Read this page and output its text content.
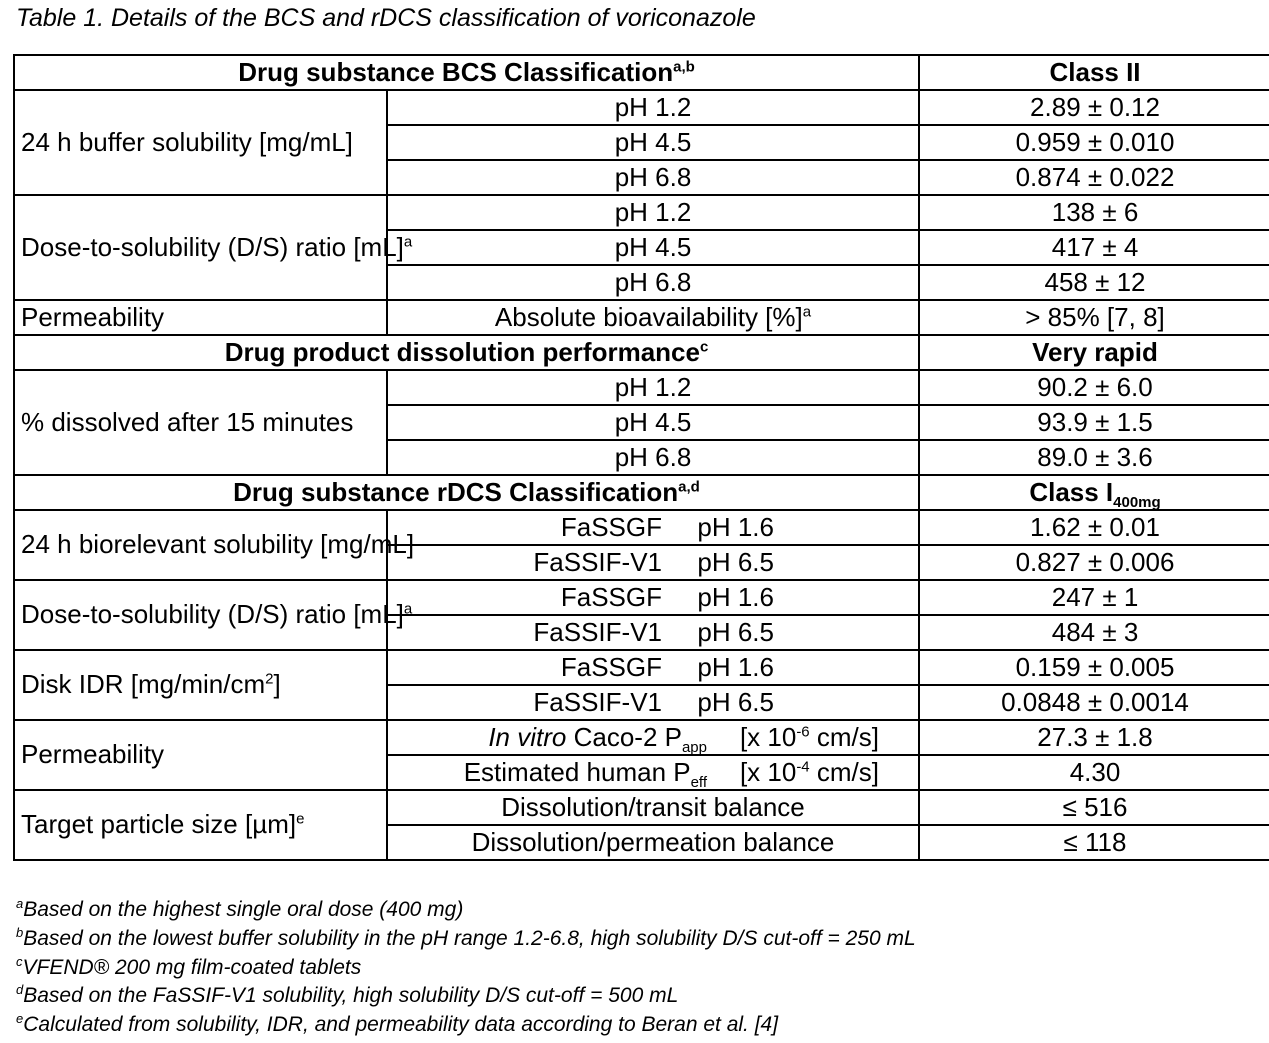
Table 1. Details of the BCS and rDCS classification of voriconazole
Drug substance BCS Classification$^{a,b}$		Class II
24 h buffer solubility [mg/mL]	pH 1.2	2.89 ± 0.12
	pH 4.5	0.959 ± 0.010
	pH 6.8	0.874 ± 0.022
Dose-to-solubility (D/S) ratio [mL]$^a$	pH 1.2	138 ± 6
	pH 4.5	417 ± 4
	pH 6.8	458 ± 12
Permeability	Absolute bioavailability [%]$^a$	> 85% [7, 8]
Drug product dissolution performance$^c$		Very rapid
% dissolved after 15 minutes	pH 1.2	90.2 ± 6.0
	pH 4.5	93.9 ± 1.5
	pH 6.8	89.0 ± 3.6
Drug substance rDCS Classification$^{a,d}$		Class $I_{400mg}$
24 h biorelevant solubility [mg/mL]	FaSSGF pH 1.6	1.62 ± 0.01
	FaSSIF-V1 pH 6.5	0.827 ± 0.006
Dose-to-solubility (D/S) ratio [mL]$^a$	FaSSGF pH 1.6	247 ± 1
	FaSSIF-V1 pH 6.5	484 ± 3
Disk IDR $[mg/\min/cm^2]$	FaSSGF pH 1.6	0.159 ± 0.005
	FaSSIF-V1 pH 6.5	0.0848 ± 0.0014
Permeability	In vitro Caco-2 $P_{app}$ [x $10^{-6}$ cm/s]	27.3 ± 1.8
	Estimated human $P_{eff}$ [x $10^{-4}$ cm/s]	4.30
Target particle size $[\mu m]^e$	Dissolution/transit balance	≤ 516
	Dissolution/permeation balance	≤ 118
$^a$Based on the highest single oral dose (400 mg)
$^b$Based on the lowest buffer solubility in the pH range 1.2-6.8, high solubility D/S cut-off = 250 mL
$^c$VFEND® 200 mg film-coated tablets
$^d$Based on the FaSSIF-V1 solubility, high solubility D/S cut-off = 500 mL
$^e$Calculated from solubility, IDR, and permeability data according to Beran et al. [4]
